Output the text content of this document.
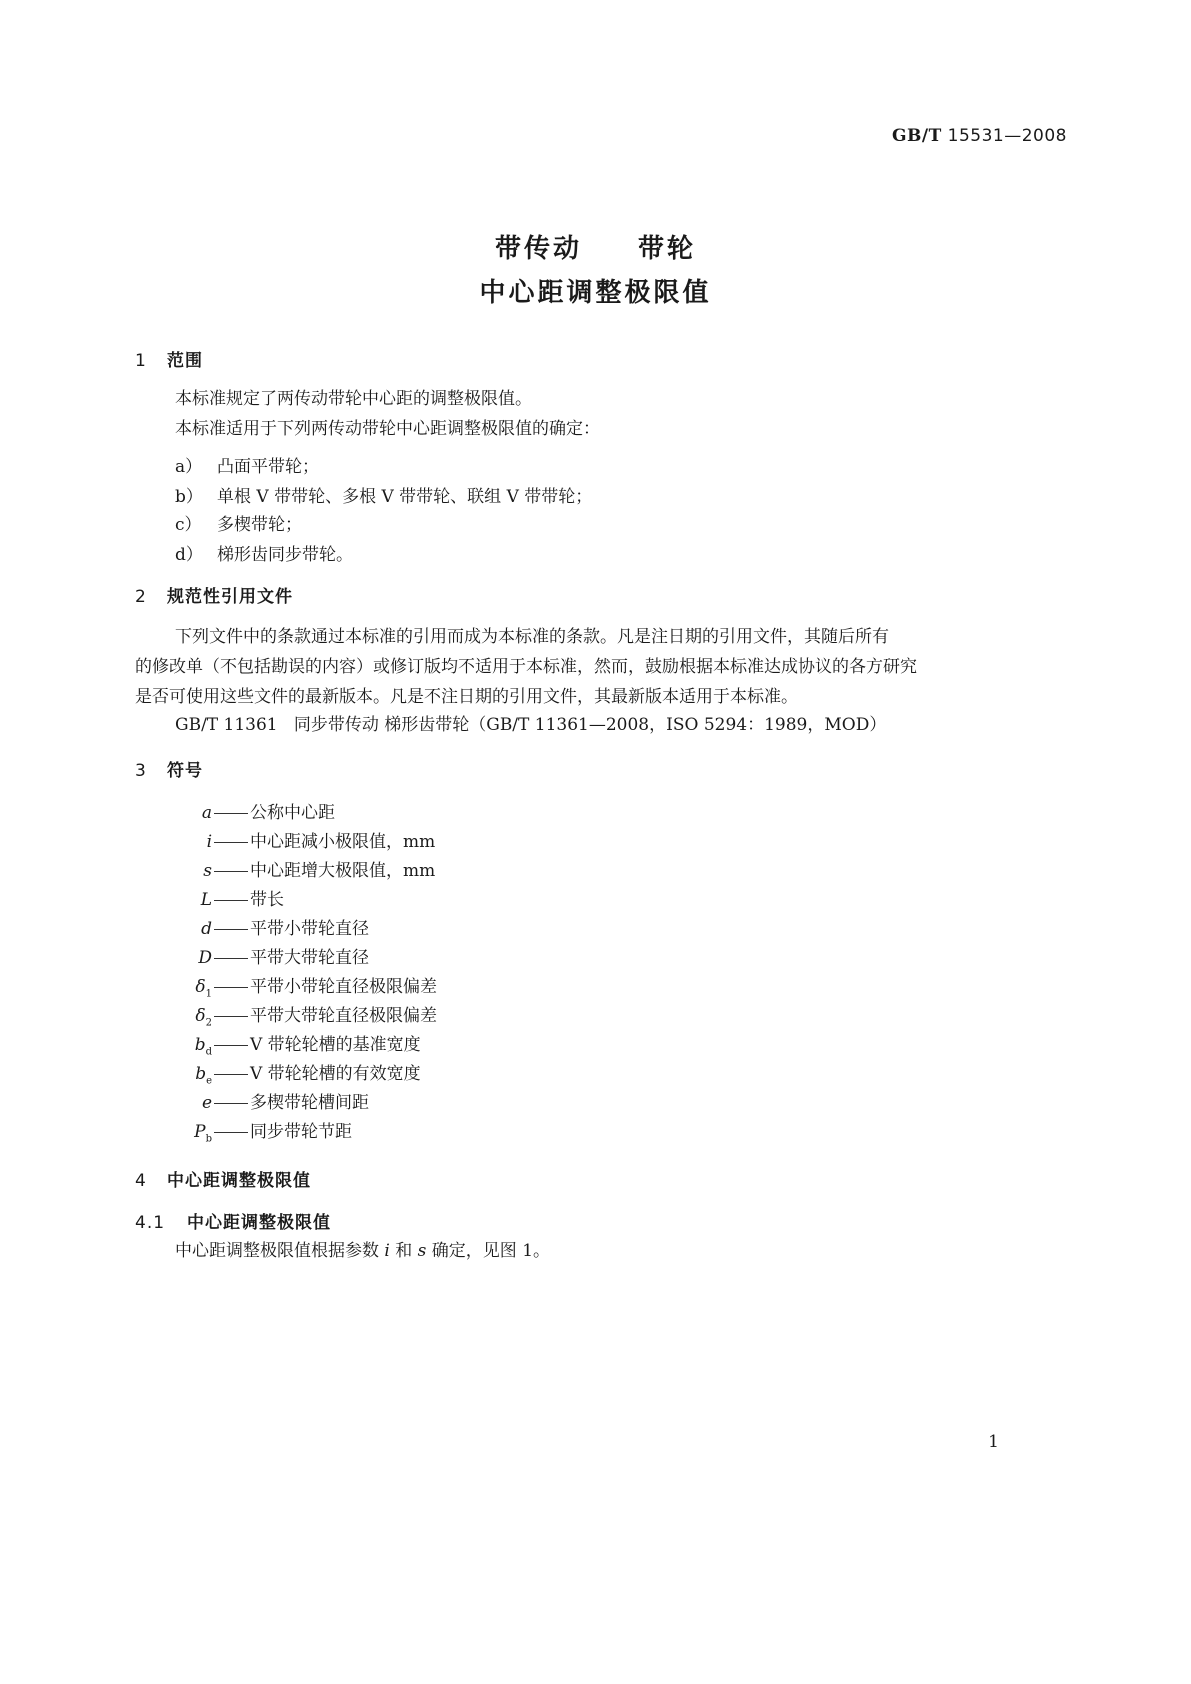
GB/T 15531—2008
带传动  带轮
中心距调整极限值
1 范围
本标准规定了两传动带轮中心距的调整极限值。
本标准适用于下列两传动带轮中心距调整极限值的确定：
a） 凸面平带轮；
b） 单根 V 带带轮、多根 V 带带轮、联组 V 带带轮；
c） 多楔带轮；
d） 梯形齿同步带轮。
2 规范性引用文件
下列文件中的条款通过本标准的引用而成为本标准的条款。凡是注日期的引用文件，其随后所有
的修改单（不包括勘误的内容）或修订版均不适用于本标准，然而，鼓励根据本标准达成协议的各方研究
是否可使用这些文件的最新版本。凡是不注日期的引用文件，其最新版本适用于本标准。
GB/T 11361   同步带传动 梯形齿带轮（GB/T 11361—2008，ISO 5294：1989，MOD）
3 符号
a 公称中心距
i 中心距减小极限值，mm
s 中心距增大极限值，mm
L 带长
d 平带小带轮直径
D 平带大带轮直径
$\delta_1$ 平带小带轮直径极限偏差
$\delta_2$ 平带大带轮直径极限偏差
$b_d$ V 带轮轮槽的基准宽度
$b_e$ V 带轮轮槽的有效宽度
e 多楔带轮槽间距
$P_b$ 同步带轮节距
4 中心距调整极限值
4.1 中心距调整极限值
中心距调整极限值根据参数 i 和 s 确定，见图 1。
1
